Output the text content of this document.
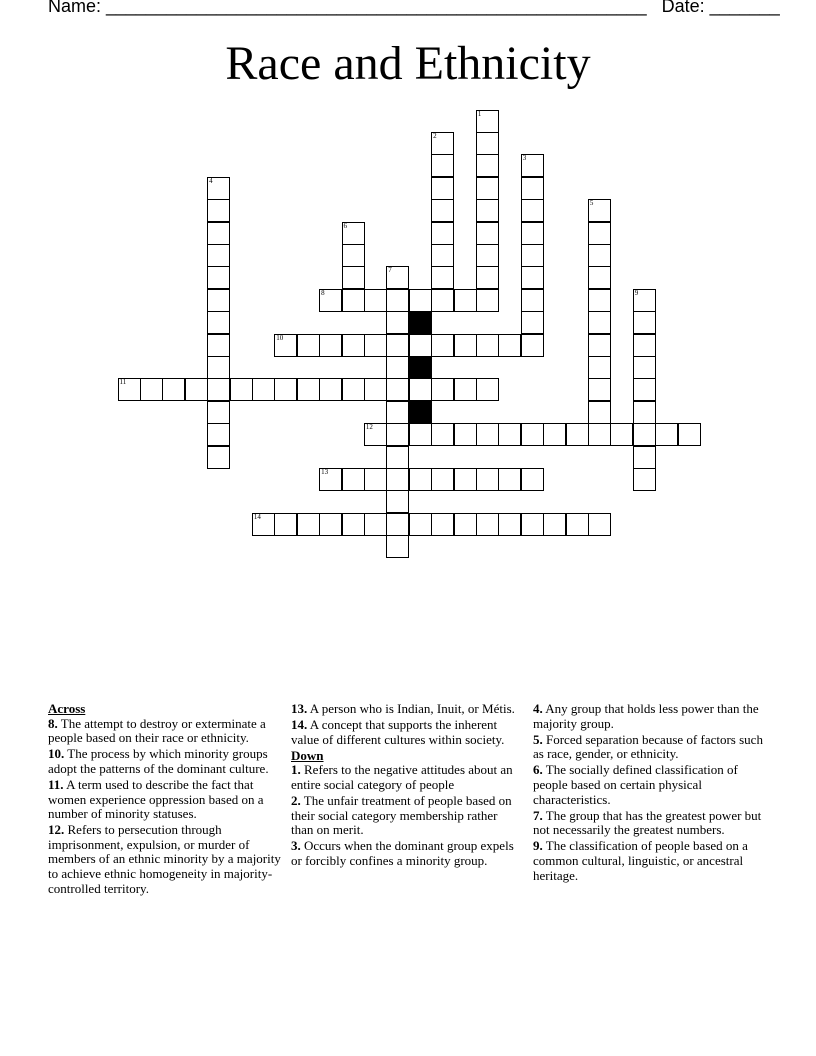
Name: ______________________________________________________ Date: _______
Race and Ethnicity
1
2
3
4
5
6
7
8	9
10
11
12
13
14
Across
8. The attempt to destroy or exterminate a people based on their race or ethnicity.
10. The process by which minority groups adopt the patterns of the dominant culture.
11. A term used to describe the fact that women experience oppression based on a number of minority statuses.
12. Refers to persecution through imprisonment, expulsion, or murder of members of an ethnic minority by a majority to achieve ethnic homogeneity in majority- controlled territory.
13. A person who is Indian, Inuit, or Métis.
14. A concept that supports the inherent value of different cultures within society.
Down
1. Refers to the negative attitudes about an entire social category of people
2. The unfair treatment of people based on their social category membership rather than on merit.
3. Occurs when the dominant group expels or forcibly confines a minority group.
4. Any group that holds less power than the majority group.
5. Forced separation because of factors such as race, gender, or ethnicity.
6. The socially defined classification of people based on certain physical characteristics.
7. The group that has the greatest power but not necessarily the greatest numbers.
9. The classification of people based on a common cultural, linguistic, or ancestral heritage.
